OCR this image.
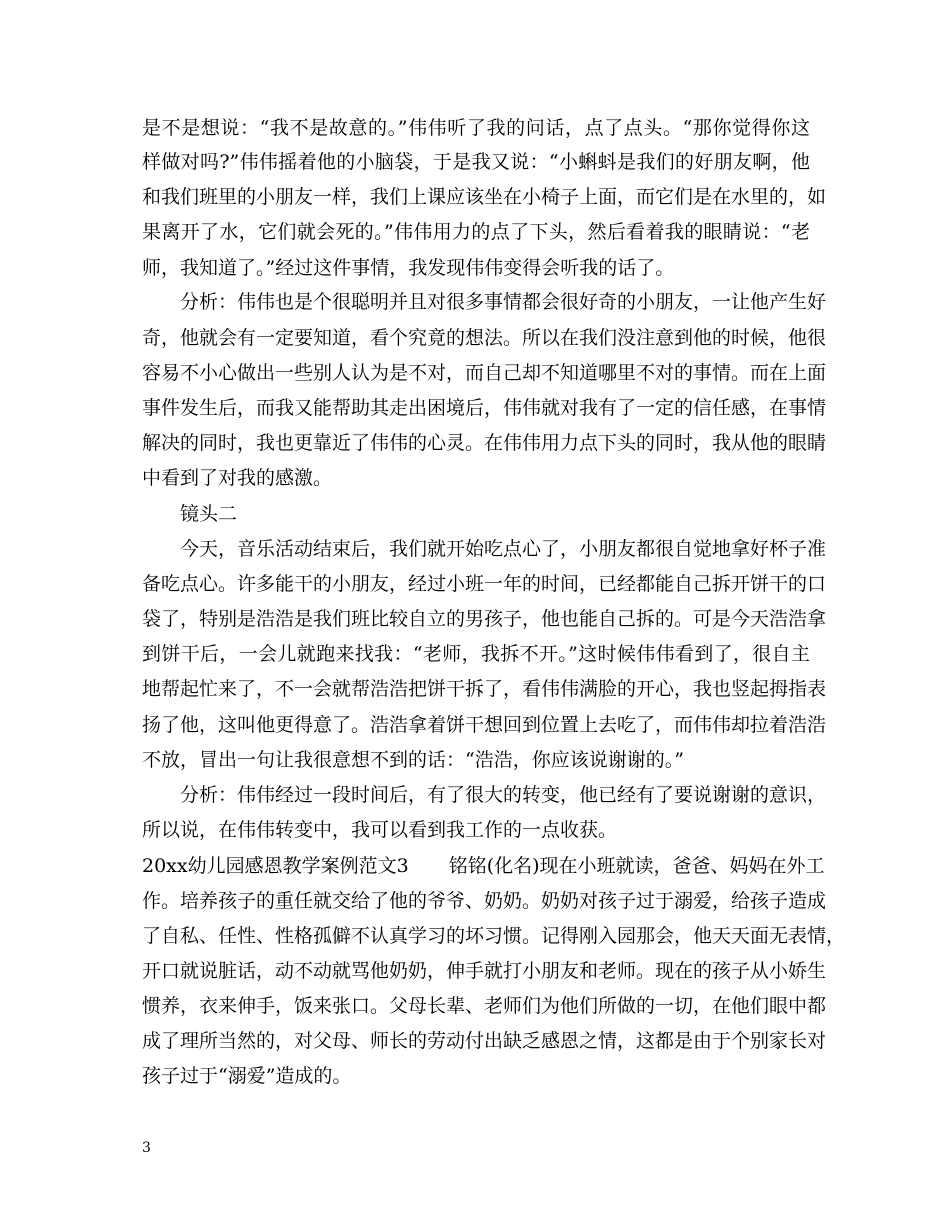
是不是想说：“我不是故意的。”伟伟听了我的问话，点了点头。“那你觉得你这
样做对吗?”伟伟摇着他的小脑袋，于是我又说：“小蝌蚪是我们的好朋友啊，他
和我们班里的小朋友一样，我们上课应该坐在小椅子上面，而它们是在水里的，如
果离开了水，它们就会死的。”伟伟用力的点了下头，然后看着我的眼睛说：“老
师，我知道了。”经过这件事情，我发现伟伟变得会听我的话了。
分析：伟伟也是个很聪明并且对很多事情都会很好奇的小朋友，一让他产生好
奇，他就会有一定要知道，看个究竟的想法。所以在我们没注意到他的时候，他很
容易不小心做出一些别人认为是不对，而自己却不知道哪里不对的事情。而在上面
事件发生后，而我又能帮助其走出困境后，伟伟就对我有了一定的信任感，在事情
解决的同时，我也更靠近了伟伟的心灵。在伟伟用力点下头的同时，我从他的眼睛
中看到了对我的感激。
镜头二
今天，音乐活动结束后，我们就开始吃点心了，小朋友都很自觉地拿好杯子准
备吃点心。许多能干的小朋友，经过小班一年的时间，已经都能自己拆开饼干的口
袋了，特别是浩浩是我们班比较自立的男孩子，他也能自己拆的。可是今天浩浩拿
到饼干后，一会儿就跑来找我：“老师，我拆不开。”这时候伟伟看到了，很自主
地帮起忙来了，不一会就帮浩浩把饼干拆了，看伟伟满脸的开心，我也竖起拇指表
扬了他，这叫他更得意了。浩浩拿着饼干想回到位置上去吃了，而伟伟却拉着浩浩
不放，冒出一句让我很意想不到的话：“浩浩，你应该说谢谢的。”
分析：伟伟经过一段时间后，有了很大的转变，他已经有了要说谢谢的意识，
所以说，在伟伟转变中，我可以看到我工作的一点收获。
20xx幼儿园感恩教学案例范文3 铭铭(化名)现在小班就读，爸爸、妈妈在外工
作。培养孩子的重任就交给了他的爷爷、奶奶。奶奶对孩子过于溺爱，给孩子造成
了自私、任性、性格孤僻不认真学习的坏习惯。记得刚入园那会，他天天面无表情，
开口就说脏话，动不动就骂他奶奶，伸手就打小朋友和老师。现在的孩子从小娇生
惯养，衣来伸手，饭来张口。父母长辈、老师们为他们所做的一切，在他们眼中都
成了理所当然的，对父母、师长的劳动付出缺乏感恩之情，这都是由于个别家长对
孩子过于“溺爱”造成的。
3
